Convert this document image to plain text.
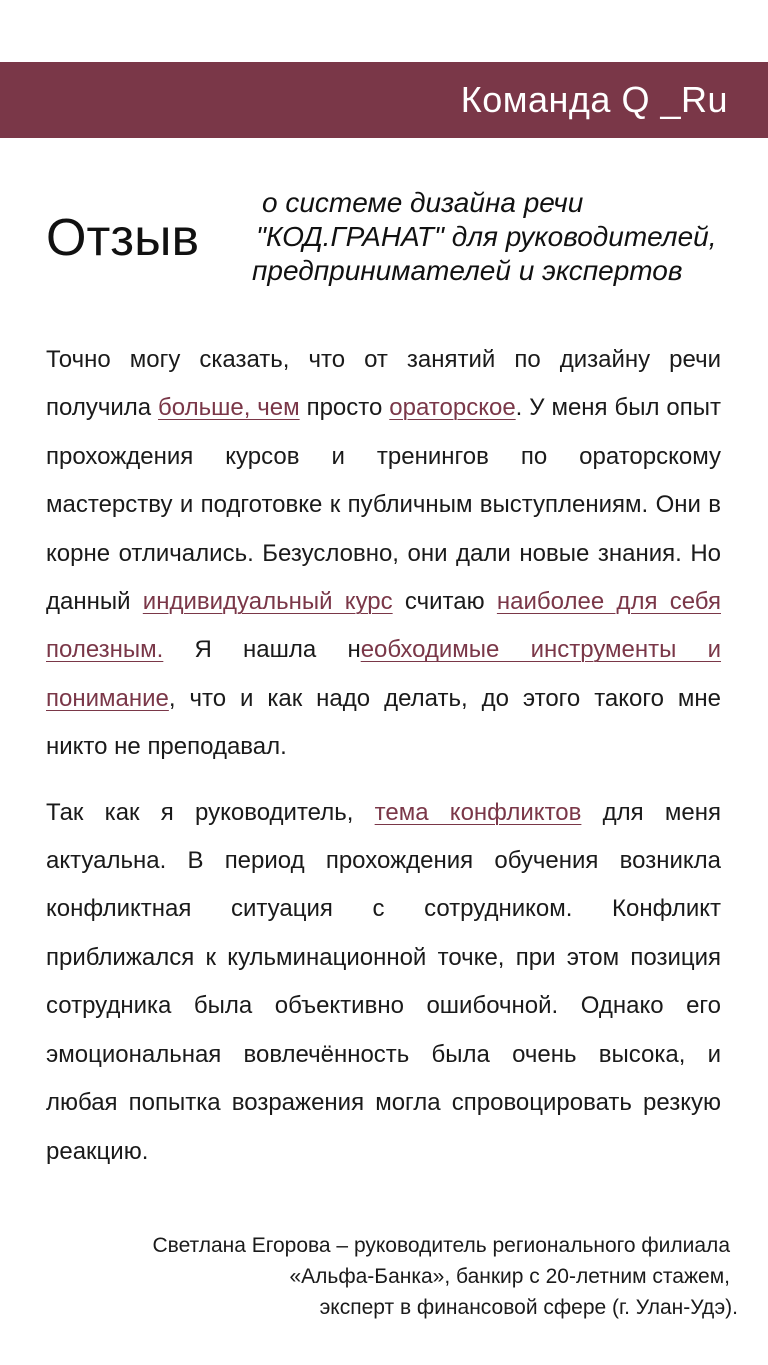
Команда Q _Ru
Отзыв
о системе дизайна речи
"КОД.ГРАНАТ" для руководителей,
предпринимателей и экспертов

Точно могу сказать, что от занятий по дизайну речи получила больше, чем просто ораторское. У меня был опыт прохождения курсов и тренингов по ораторскому мастерству и подготовке к публичным выступлениям. Они в корне отличались. Безусловно, они дали новые знания. Но данный индивидуальный курс считаю наиболее для себя полезным. Я нашла необходимые инструменты и понимание, что и как надо делать, до этого такого мне никто не преподавал.

Так как я руководитель, тема конфликтов для меня актуальна. В период прохождения обучения возникла конфликтная ситуация с сотрудником. Конфликт приближался к кульминационной точке, при этом позиция сотрудника была объективно ошибочной. Однако его эмоциональная вовлечённость была очень высока, и любая попытка возражения могла спровоцировать резкую реакцию.

Светлана Егорова – руководитель регионального филиала
«Альфа-Банка», банкир с 20-летним стажем,
эксперт в финансовой сфере (г. Улан-Удэ).
